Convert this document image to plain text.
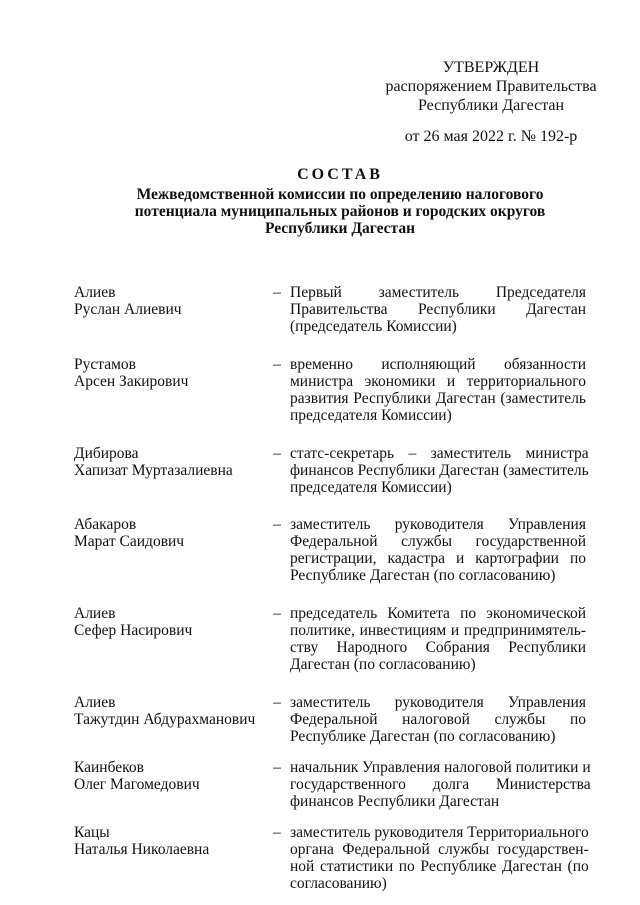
УТВЕРЖДЕН
распоряжением Правительства
Республики Дагестан
от 26 мая 2022 г. № 192-р
СОСТАВ
Межведомственной комиссии по определению налогового
потенциала муниципальных районов и городских округов
Республики Дагестан
Алиев
Руслан Алиевич
– Первый заместитель Председателя
Правительства Республики Дагестан
(председатель Комиссии)
Рустамов
Арсен Закирович
– временно исполняющий обязанности
министра экономики и территориального
развития Республики Дагестан (заместитель
председателя Комиссии)
Дибирова
Хапизат Муртазалиевна
– статс-секретарь – заместитель министра
финансов Республики Дагестан (заместитель
председателя Комиссии)
Абакаров
Марат Саидович
– заместитель руководителя Управления
Федеральной службы государственной
регистрации, кадастра и картографии по
Республике Дагестан (по согласованию)
Алиев
Сефер Насирович
– председатель Комитета по экономической
политике, инвестициям и предпринимятель-
ству Народного Собрания Республики
Дагестан (по согласованию)
Алиев
Тажутдин Абдурахманович
– заместитель руководителя Управления
Федеральной налоговой службы по
Республике Дагестан (по согласованию)
Каинбеков
Олег Магомедович
– начальник Управления налоговой политики и
государственного долга Министерства
финансов Республики Дагестан
Кацы
Наталья Николаевна
– заместитель руководителя Территориального
органа Федеральной службы государствен-
ной статистики по Республике Дагестан (по
согласованию)
